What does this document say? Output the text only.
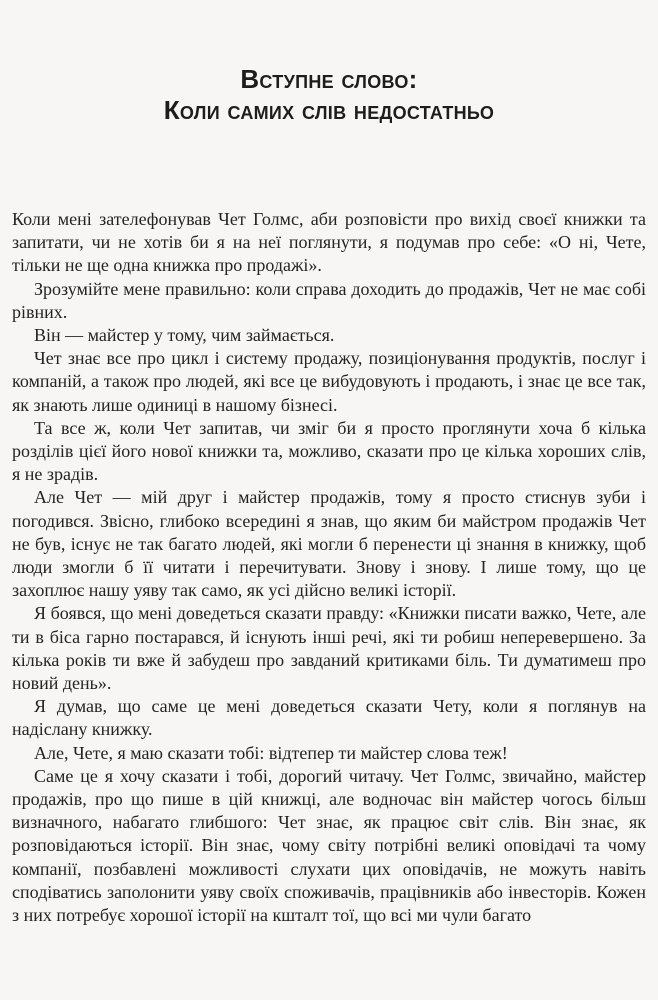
Вступне слово:
Коли самих слів недостатньо

Коли мені зателефонував Чет Голмс, аби розповісти про вихід своєї книжки та запитати, чи не хотів би я на неї поглянути, я подумав про себе: «О ні, Чете, тільки не ще одна книжка про продажі».

Зрозумійте мене правильно: коли справа доходить до продажів, Чет не має собі рівних.

Він — майстер у тому, чим займається.

Чет знає все про цикл і систему продажу, позиціонування продуктів, послуг і компаній, а також про людей, які все це вибудовують і продають, і знає це все так, як знають лише одиниці в нашому бізнесі.

Та все ж, коли Чет запитав, чи зміг би я просто проглянути хоча б кілька розділів цієї його нової книжки та, можливо, сказати про це кілька хороших слів, я не зрадів.

Але Чет — мій друг і майстер продажів, тому я просто стиснув зуби і погодився. Звісно, глибоко всередині я знав, що яким би майстром продажів Чет не був, існує не так багато людей, які могли б перенести ці знання в книжку, щоб люди змогли б її читати і перечитувати. Знову і знову. І лише тому, що це захоплює нашу уяву так само, як усі дійсно великі історії.

Я боявся, що мені доведеться сказати правду: «Книжки писати важко, Чете, але ти в біса гарно постарався, й існують інші речі, які ти робиш неперевершено. За кілька років ти вже й забудеш про завданий критиками біль. Ти думатимеш про новий день».

Я думав, що саме це мені доведеться сказати Чету, коли я поглянув на надіслану книжку.

Але, Чете, я маю сказати тобі: відтепер ти майстер слова теж!

Саме це я хочу сказати і тобі, дорогий читачу. Чет Голмс, звичайно, майстер продажів, про що пише в цій книжці, але водночас він майстер чогось більш визначного, набагато глибшого: Чет знає, як працює світ слів. Він знає, як розповідаються історії. Він знає, чому світу потрібні великі оповідачі та чому компанії, позбавлені можливості слухати цих оповідачів, не можуть навіть сподіватись заполонити уяву своїх споживачів, працівників або інвесторів. Кожен з них потребує хорошої історії на кшталт тої, що всі ми чули багато
